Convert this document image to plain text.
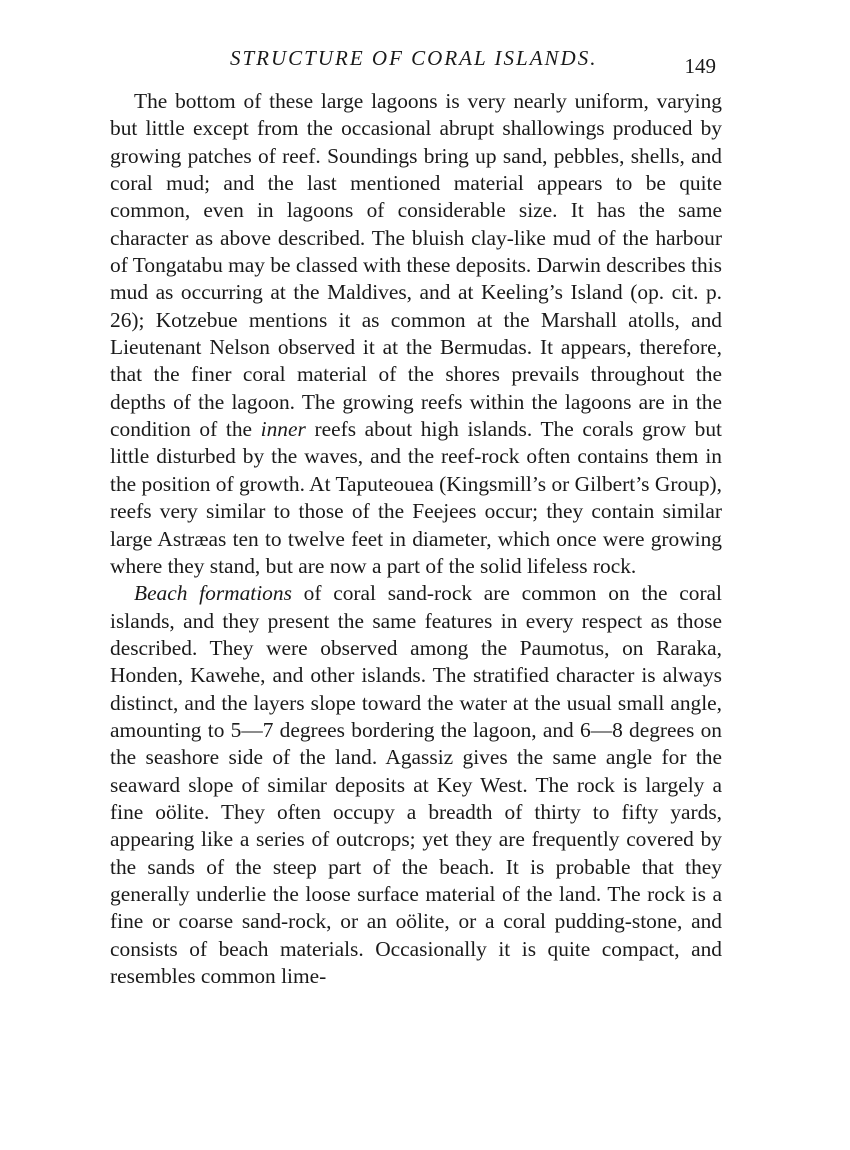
STRUCTURE OF CORAL ISLANDS.	149

The bottom of these large lagoons is very nearly uniform, varying but little except from the occasional abrupt shallowings produced by growing patches of reef. Soundings bring up sand, pebbles, shells, and coral mud; and the last mentioned material appears to be quite common, even in lagoons of considerable size. It has the same character as above described. The bluish clay-like mud of the harbour of Tongatabu may be classed with these deposits. Darwin describes this mud as occurring at the Maldives, and at Keeling’s Island (op. cit. p. 26); Kotzebue mentions it as common at the Marshall atolls, and Lieutenant Nelson observed it at the Bermudas. It appears, therefore, that the finer coral material of the shores prevails throughout the depths of the lagoon. The growing reefs within the lagoons are in the condition of the inner reefs about high islands. The corals grow but little disturbed by the waves, and the reef-rock often contains them in the position of growth. At Taputeouea (Kingsmill’s or Gilbert’s Group), reefs very similar to those of the Feejees occur; they contain similar large Astræas ten to twelve feet in diameter, which once were growing where they stand, but are now a part of the solid lifeless rock.

Beach formations of coral sand-rock are common on the coral islands, and they present the same features in every respect as those described. They were observed among the Paumotus, on Raraka, Honden, Kawehe, and other islands. The stratified character is always distinct, and the layers slope toward the water at the usual small angle, amounting to 5—7 degrees bordering the lagoon, and 6—8 degrees on the seashore side of the land. Agassiz gives the same angle for the seaward slope of similar deposits at Key West. The rock is largely a fine oölite. They often occupy a breadth of thirty to fifty yards, appearing like a series of outcrops; yet they are frequently covered by the sands of the steep part of the beach. It is probable that they generally underlie the loose surface material of the land. The rock is a fine or coarse sand-rock, or an oölite, or a coral pudding-stone, and consists of beach materials. Occasionally it is quite compact, and resembles common lime-
